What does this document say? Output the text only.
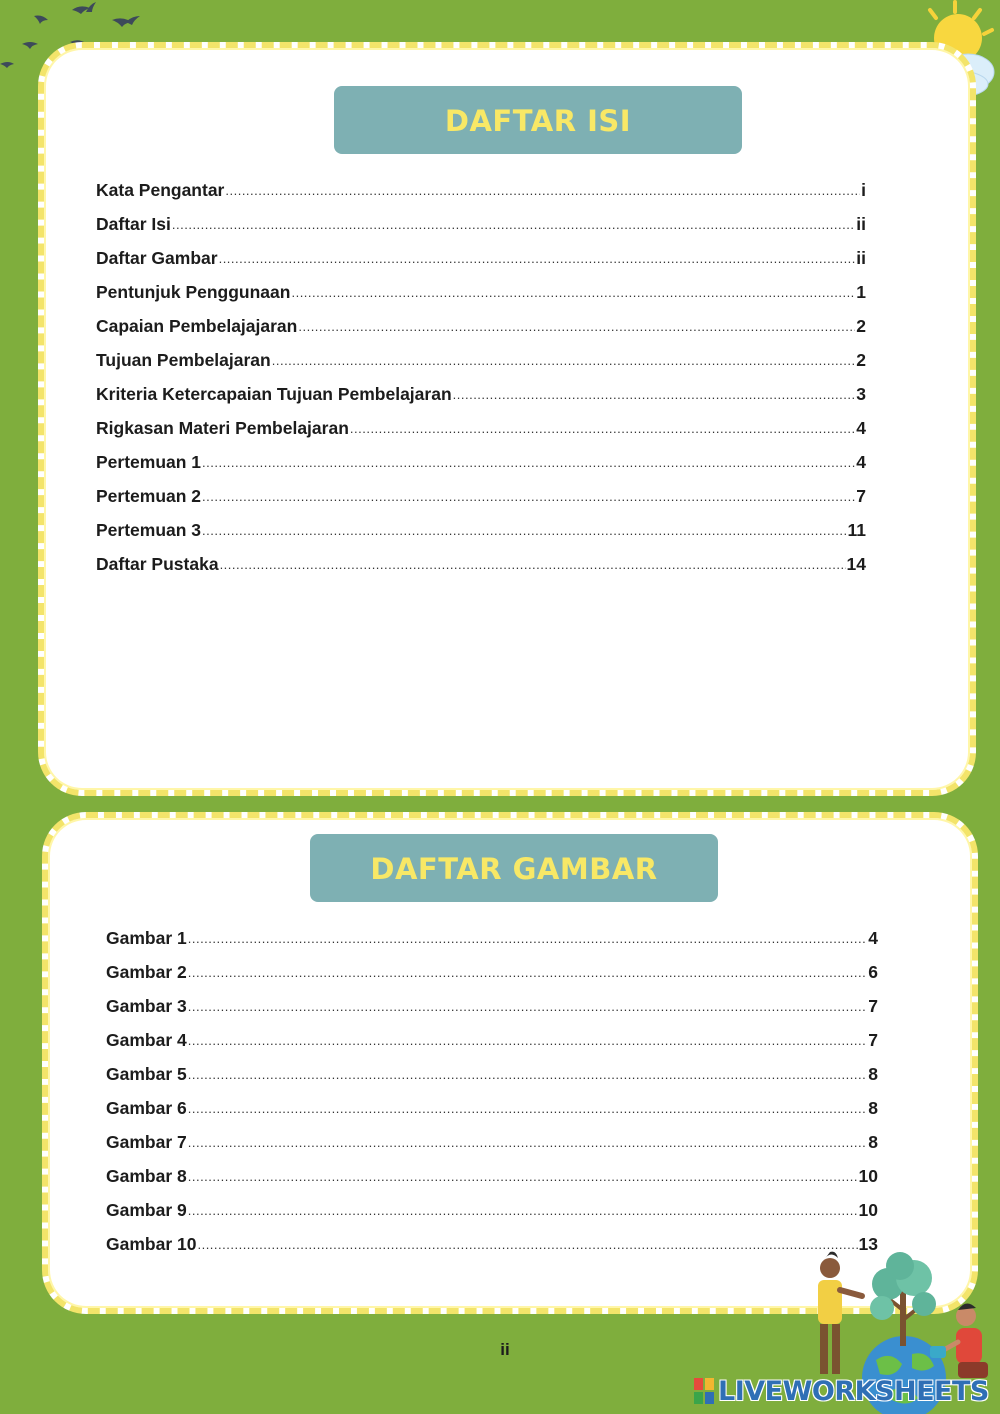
DAFTAR ISI
Kata Pengantar .....	i
Daftar Isi .....	ii
Daftar Gambar .....	ii
Pentunjuk Penggunaan .....	1
Capaian Pembelajajaran .....	2
Tujuan Pembelajaran .....	2
Kriteria Ketercapaian Tujuan Pembelajaran .....	3
Rigkasan Materi Pembelajaran .....	4
Pertemuan 1 .....	4
Pertemuan 2 .....	7
Pertemuan 3 .....	11
Daftar Pustaka .....	14
DAFTAR GAMBAR
Gambar 1 .....	4
Gambar 2 .....	6
Gambar 3 .....	7
Gambar 4 .....	7
Gambar 5 .....	8
Gambar 6 .....	8
Gambar 7 .....	8
Gambar 8 .....	10
Gambar 9 .....	10
Gambar 10 .....	13
ii
LIVEWORKSHEETS
